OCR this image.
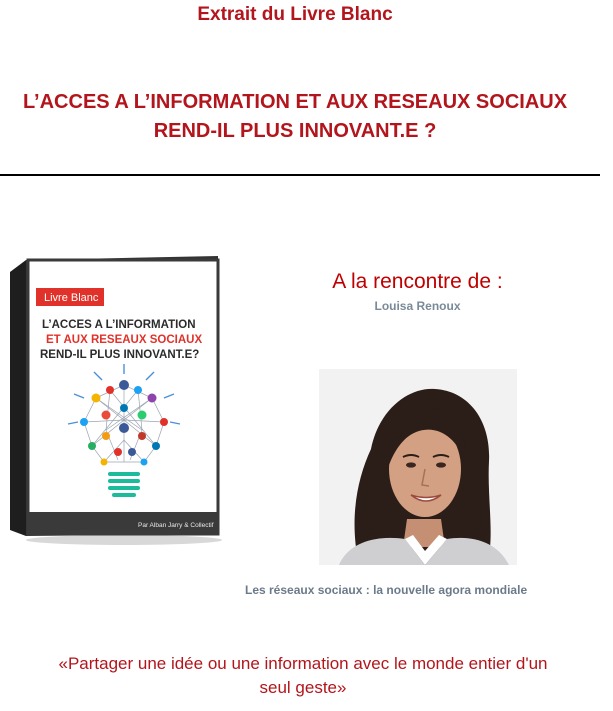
Extrait du Livre Blanc
L’ACCES A L’INFORMATION ET AUX RESEAUX SOCIAUX
REND-IL PLUS INNOVANT.E ?
Livre Blanc
L’ACCES A L’INFORMATION
ET AUX RESEAUX SOCIAUX
REND-IL PLUS INNOVANT.E?
Par Alban Jarry & Collectif
A la rencontre de :
Louisa Renoux
Les réseaux sociaux : la nouvelle agora mondiale
«Partager une idée ou une information avec le monde entier d'un
seul geste»
